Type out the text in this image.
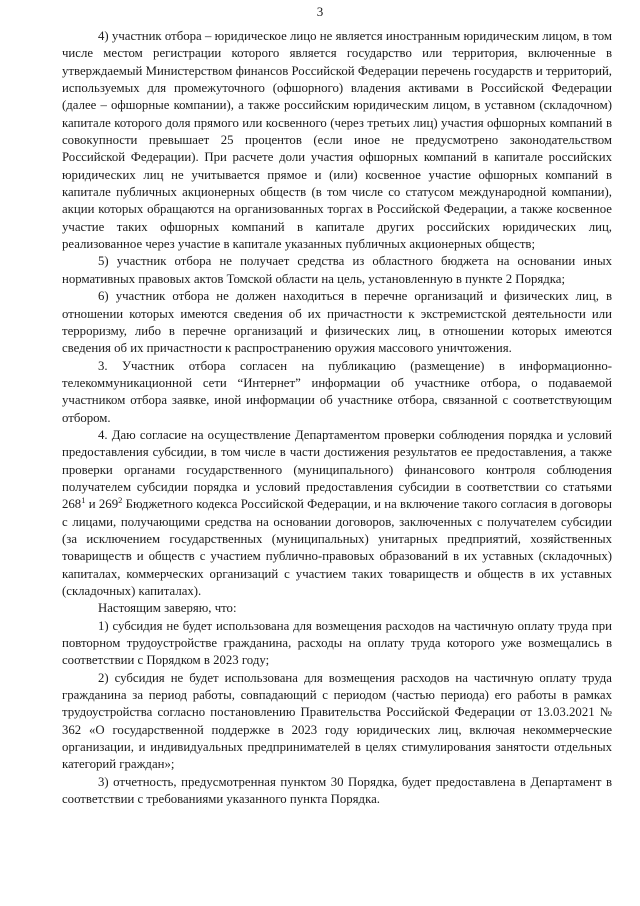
3

4) участник отбора – юридическое лицо не является иностранным юридическим лицом, в том числе местом регистрации которого является государство или территория, включенные в утверждаемый Министерством финансов Российской Федерации перечень государств и территорий, используемых для промежуточного (офшорного) владения активами в Российской Федерации (далее – офшорные компании), а также российским юридическим лицом, в уставном (складочном) капитале которого доля прямого или косвенного (через третьих лиц) участия офшорных компаний в совокупности превышает 25 процентов (если иное не предусмотрено законодательством Российской Федерации). При расчете доли участия офшорных компаний в капитале российских юридических лиц не учитывается прямое и (или) косвенное участие офшорных компаний в капитале публичных акционерных обществ (в том числе со статусом международной компании), акции которых обращаются на организованных торгах в Российской Федерации, а также косвенное участие таких офшорных компаний в капитале других российских юридических лиц, реализованное через участие в капитале указанных публичных акционерных обществ;

5) участник отбора не получает средства из областного бюджета на основании иных нормативных правовых актов Томской области на цель, установленную в пункте 2 Порядка;

6) участник отбора не должен находиться в перечне организаций и физических лиц, в отношении которых имеются сведения об их причастности к экстремистской деятельности или терроризму, либо в перечне организаций и физических лиц, в отношении которых имеются сведения об их причастности к распространению оружия массового уничтожения.

3. Участник отбора согласен на публикацию (размещение) в информационно-телекоммуникационной сети “Интернет” информации об участнике отбора, о подаваемой участником отбора заявке, иной информации об участнике отбора, связанной с соответствующим отбором.

4. Даю согласие на осуществление Департаментом проверки соблюдения порядка и условий предоставления субсидии, в том числе в части достижения результатов ее предоставления, а также проверки органами государственного (муниципального) финансового контроля соблюдения получателем субсидии порядка и условий предоставления субсидии в соответствии со статьями $268^1$ и $269^2$ Бюджетного кодекса Российской Федерации, и на включение такого согласия в договоры с лицами, получающими средства на основании договоров, заключенных с получателем субсидии (за исключением государственных (муниципальных) унитарных предприятий, хозяйственных товариществ и обществ с участием публично-правовых образований в их уставных (складочных) капиталах, коммерческих организаций с участием таких товариществ и обществ в их уставных (складочных) капиталах).

Настоящим заверяю, что:

1) субсидия не будет использована для возмещения расходов на частичную оплату труда при повторном трудоустройстве гражданина, расходы на оплату труда которого уже возмещались в соответствии с Порядком в 2023 году;

2) субсидия не будет использована для возмещения расходов на частичную оплату труда гражданина за период работы, совпадающий с периодом (частью периода) его работы в рамках трудоустройства согласно постановлению Правительства Российской Федерации от 13.03.2021 № 362 «О государственной поддержке в 2023 году юридических лиц, включая некоммерческие организации, и индивидуальных предпринимателей в целях стимулирования занятости отдельных категорий граждан»;

3) отчетность, предусмотренная пунктом 30 Порядка, будет предоставлена в Департамент в соответствии с требованиями указанного пункта Порядка.
